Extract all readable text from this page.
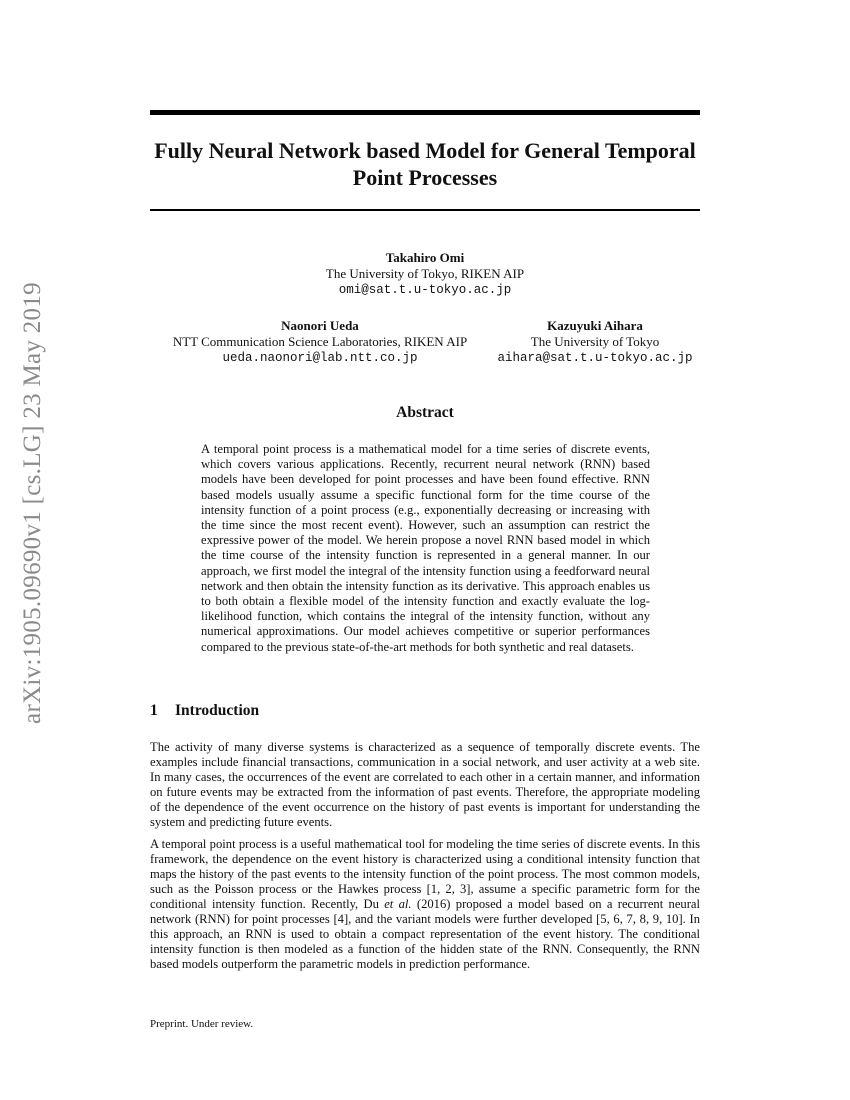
arXiv:1905.09690v1 [cs.LG] 23 May 2019
Fully Neural Network based Model for General Temporal Point Processes
Takahiro Omi
The University of Tokyo, RIKEN AIP
omi@sat.t.u-tokyo.ac.jp
Naonori Ueda
NTT Communication Science Laboratories, RIKEN AIP
ueda.naonori@lab.ntt.co.jp
Kazuyuki Aihara
The University of Tokyo
aihara@sat.t.u-tokyo.ac.jp
Abstract
A temporal point process is a mathematical model for a time series of discrete events, which covers various applications. Recently, recurrent neural network (RNN) based models have been developed for point processes and have been found effective. RNN based models usually assume a specific functional form for the time course of the intensity function of a point process (e.g., exponentially decreasing or increasing with the time since the most recent event). However, such an assumption can restrict the expressive power of the model. We herein propose a novel RNN based model in which the time course of the intensity function is represented in a general manner. In our approach, we first model the integral of the intensity function using a feedforward neural network and then obtain the intensity function as its derivative. This approach enables us to both obtain a flexible model of the intensity function and exactly evaluate the log-likelihood function, which contains the integral of the intensity function, without any numerical approximations. Our model achieves competitive or superior performances compared to the previous state-of-the-art methods for both synthetic and real datasets.
1 Introduction

The activity of many diverse systems is characterized as a sequence of temporally discrete events. The examples include financial transactions, communication in a social network, and user activity at a web site. In many cases, the occurrences of the event are correlated to each other in a certain manner, and information on future events may be extracted from the information of past events. Therefore, the appropriate modeling of the dependence of the event occurrence on the history of past events is important for understanding the system and predicting future events.

A temporal point process is a useful mathematical tool for modeling the time series of discrete events. In this framework, the dependence on the event history is characterized using a conditional intensity function that maps the history of the past events to the intensity function of the point process. The most common models, such as the Poisson process or the Hawkes process [1, 2, 3], assume a specific parametric form for the conditional intensity function. Recently, Du et al. (2016) proposed a model based on a recurrent neural network (RNN) for point processes [4], and the variant models were further developed [5, 6, 7, 8, 9, 10]. In this approach, an RNN is used to obtain a compact representation of the event history. The conditional intensity function is then modeled as a function of the hidden state of the RNN. Consequently, the RNN based models outperform the parametric models in prediction performance.

Preprint. Under review.
